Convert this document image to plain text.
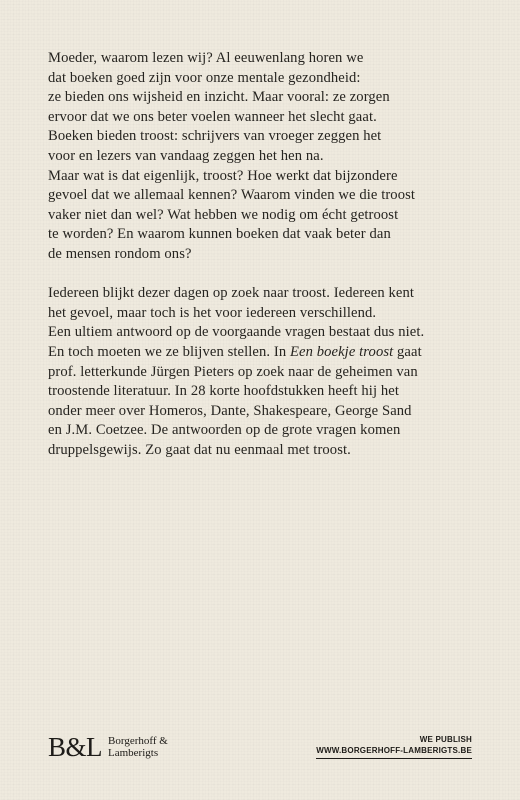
Moeder, waarom lezen wij? Al eeuwenlang horen we
dat boeken goed zijn voor onze mentale gezondheid:
ze bieden ons wijsheid en inzicht. Maar vooral: ze zorgen
ervoor dat we ons beter voelen wanneer het slecht gaat.
Boeken bieden troost: schrijvers van vroeger zeggen het
voor en lezers van vandaag zeggen het hen na.
Maar wat is dat eigenlijk, troost? Hoe werkt dat bijzondere
gevoel dat we allemaal kennen? Waarom vinden we die troost
vaker niet dan wel? Wat hebben we nodig om écht getroost
te worden? En waarom kunnen boeken dat vaak beter dan
de mensen rondom ons?

Iedereen blijkt dezer dagen op zoek naar troost. Iedereen kent
het gevoel, maar toch is het voor iedereen verschillend.
Een ultiem antwoord op de voorgaande vragen bestaat dus niet.
En toch moeten we ze blijven stellen. In Een boekje troost gaat
prof. letterkunde Jürgen Pieters op zoek naar de geheimen van
troostende literatuur. In 28 korte hoofdstukken heeft hij het
onder meer over Homeros, Dante, Shakespeare, George Sand
en J.M. Coetzee. De antwoorden op de grote vragen komen
druppelsgewijs. Zo gaat dat nu eenmaal met troost.

B&L Borgerhoff &
Lamberigts
WE PUBLISH
WWW.BORGERHOFF-LAMBERIGTS.BE
